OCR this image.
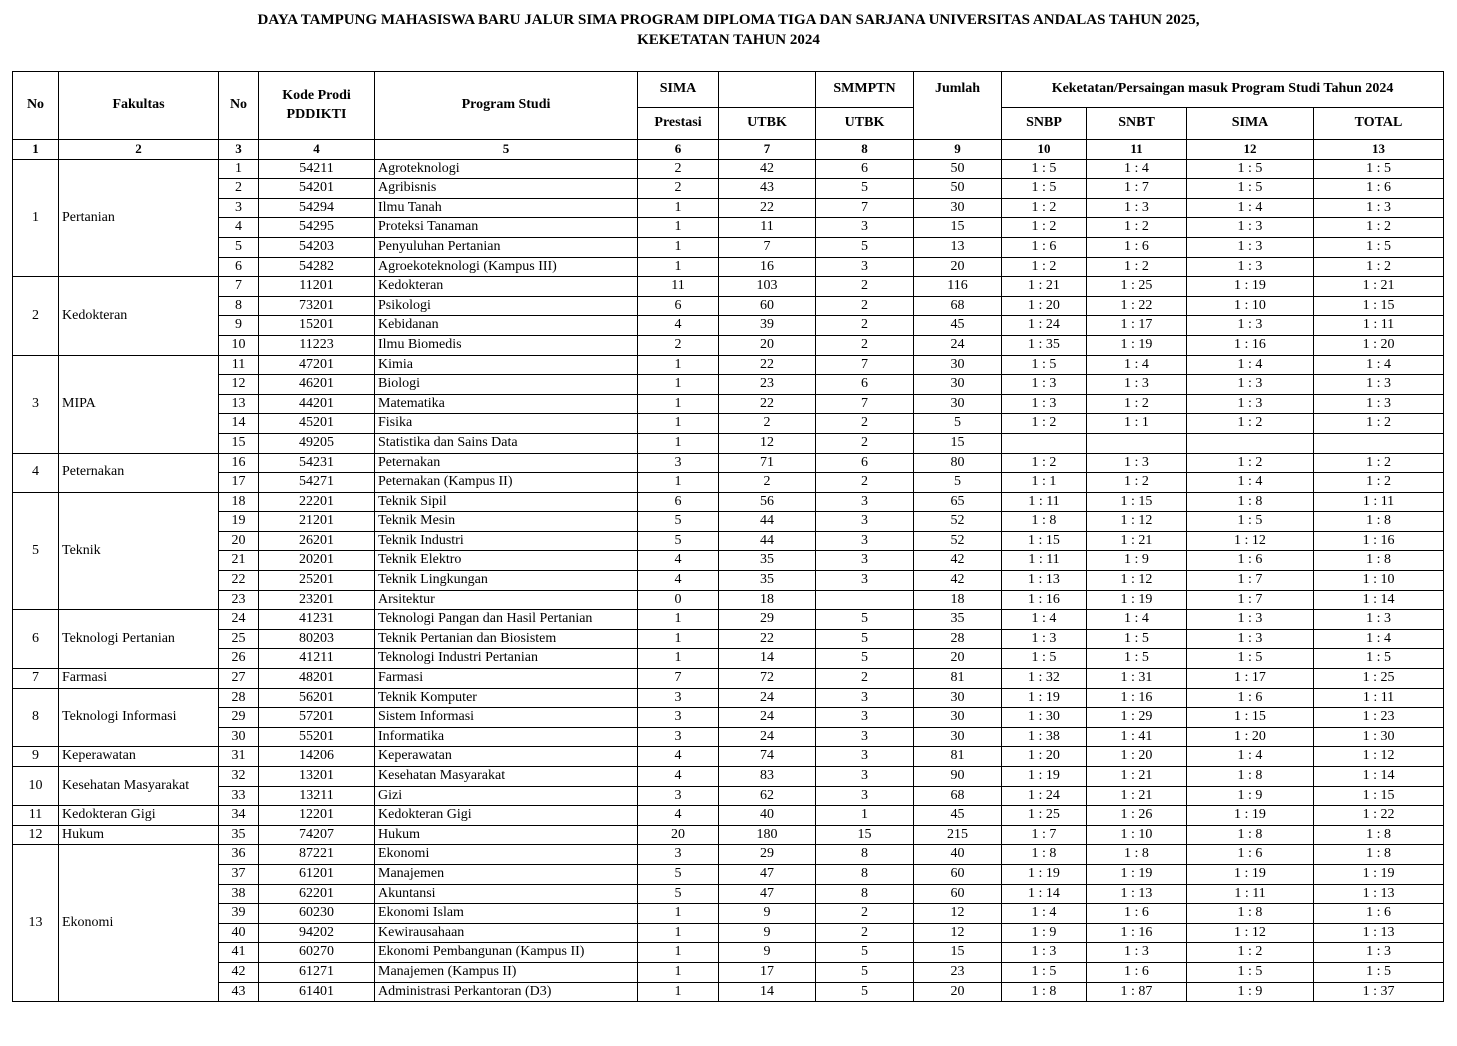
DAYA TAMPUNG MAHASISWA BARU JALUR SIMA PROGRAM DIPLOMA TIGA DAN SARJANA UNIVERSITAS ANDALAS TAHUN 2025,
KEKETATAN TAHUN 2024
No	Fakultas	No	Kode Prodi
PDDIKTI	Program Studi	SIMA		SMMPTN	Jumlah	Keketatan/Persaingan masuk Program Studi Tahun 2024			
					Prestasi	UTBK	UTBK		SNBP	SNBT	SIMA	TOTAL
1	2	3	4	5	6	7	8	9	10	11	12	13
1	Pertanian	1	54211	Agroteknologi	2	42	6	50	1 : 5	1 : 4	1 : 5	1 : 5
		2	54201	Agribisnis	2	43	5	50	1 : 5	1 : 7	1 : 5	1 : 6
		3	54294	Ilmu Tanah	1	22	7	30	1 : 2	1 : 3	1 : 4	1 : 3
		4	54295	Proteksi Tanaman	1	11	3	15	1 : 2	1 : 2	1 : 3	1 : 2
		5	54203	Penyuluhan Pertanian	1	7	5	13	1 : 6	1 : 6	1 : 3	1 : 5
		6	54282	Agroekoteknologi (Kampus III)	1	16	3	20	1 : 2	1 : 2	1 : 3	1 : 2
2	Kedokteran	7	11201	Kedokteran	11	103	2	116	1 : 21	1 : 25	1 : 19	1 : 21
		8	73201	Psikologi	6	60	2	68	1 : 20	1 : 22	1 : 10	1 : 15
		9	15201	Kebidanan	4	39	2	45	1 : 24	1 : 17	1 : 3	1 : 11
		10	11223	Ilmu Biomedis	2	20	2	24	1 : 35	1 : 19	1 : 16	1 : 20
3	MIPA	11	47201	Kimia	1	22	7	30	1 : 5	1 : 4	1 : 4	1 : 4
		12	46201	Biologi	1	23	6	30	1 : 3	1 : 3	1 : 3	1 : 3
		13	44201	Matematika	1	22	7	30	1 : 3	1 : 2	1 : 3	1 : 3
		14	45201	Fisika	1	2	2	5	1 : 2	1 : 1	1 : 2	1 : 2
		15	49205	Statistika dan Sains Data	1	12	2	15				
4	Peternakan	16	54231	Peternakan	3	71	6	80	1 : 2	1 : 3	1 : 2	1 : 2
		17	54271	Peternakan (Kampus II)	1	2	2	5	1 : 1	1 : 2	1 : 4	1 : 2
5	Teknik	18	22201	Teknik Sipil	6	56	3	65	1 : 11	1 : 15	1 : 8	1 : 11
		19	21201	Teknik Mesin	5	44	3	52	1 : 8	1 : 12	1 : 5	1 : 8
		20	26201	Teknik Industri	5	44	3	52	1 : 15	1 : 21	1 : 12	1 : 16
		21	20201	Teknik Elektro	4	35	3	42	1 : 11	1 : 9	1 : 6	1 : 8
		22	25201	Teknik Lingkungan	4	35	3	42	1 : 13	1 : 12	1 : 7	1 : 10
		23	23201	Arsitektur	0	18		18	1 : 16	1 : 19	1 : 7	1 : 14
6	Teknologi Pertanian	24	41231	Teknologi Pangan dan Hasil Pertanian	1	29	5	35	1 : 4	1 : 4	1 : 3	1 : 3
		25	80203	Teknik Pertanian dan Biosistem	1	22	5	28	1 : 3	1 : 5	1 : 3	1 : 4
		26	41211	Teknologi Industri Pertanian	1	14	5	20	1 : 5	1 : 5	1 : 5	1 : 5
7	Farmasi	27	48201	Farmasi	7	72	2	81	1 : 32	1 : 31	1 : 17	1 : 25
8	Teknologi Informasi	28	56201	Teknik Komputer	3	24	3	30	1 : 19	1 : 16	1 : 6	1 : 11
		29	57201	Sistem Informasi	3	24	3	30	1 : 30	1 : 29	1 : 15	1 : 23
		30	55201	Informatika	3	24	3	30	1 : 38	1 : 41	1 : 20	1 : 30
9	Keperawatan	31	14206	Keperawatan	4	74	3	81	1 : 20	1 : 20	1 : 4	1 : 12
10	Kesehatan Masyarakat	32	13201	Kesehatan Masyarakat	4	83	3	90	1 : 19	1 : 21	1 : 8	1 : 14
		33	13211	Gizi	3	62	3	68	1 : 24	1 : 21	1 : 9	1 : 15
11	Kedokteran Gigi	34	12201	Kedokteran Gigi	4	40	1	45	1 : 25	1 : 26	1 : 19	1 : 22
12	Hukum	35	74207	Hukum	20	180	15	215	1 : 7	1 : 10	1 : 8	1 : 8
13	Ekonomi	36	87221	Ekonomi	3	29	8	40	1 : 8	1 : 8	1 : 6	1 : 8
		37	61201	Manajemen	5	47	8	60	1 : 19	1 : 19	1 : 19	1 : 19
		38	62201	Akuntansi	5	47	8	60	1 : 14	1 : 13	1 : 11	1 : 13
		39	60230	Ekonomi Islam	1	9	2	12	1 : 4	1 : 6	1 : 8	1 : 6
		40	94202	Kewirausahaan	1	9	2	12	1 : 9	1 : 16	1 : 12	1 : 13
		41	60270	Ekonomi Pembangunan (Kampus II)	1	9	5	15	1 : 3	1 : 3	1 : 2	1 : 3
		42	61271	Manajemen (Kampus II)	1	17	5	23	1 : 5	1 : 6	1 : 5	1 : 5
		43	61401	Administrasi Perkantoran (D3)	1	14	5	20	1 : 8	1 : 87	1 : 9	1 : 37
